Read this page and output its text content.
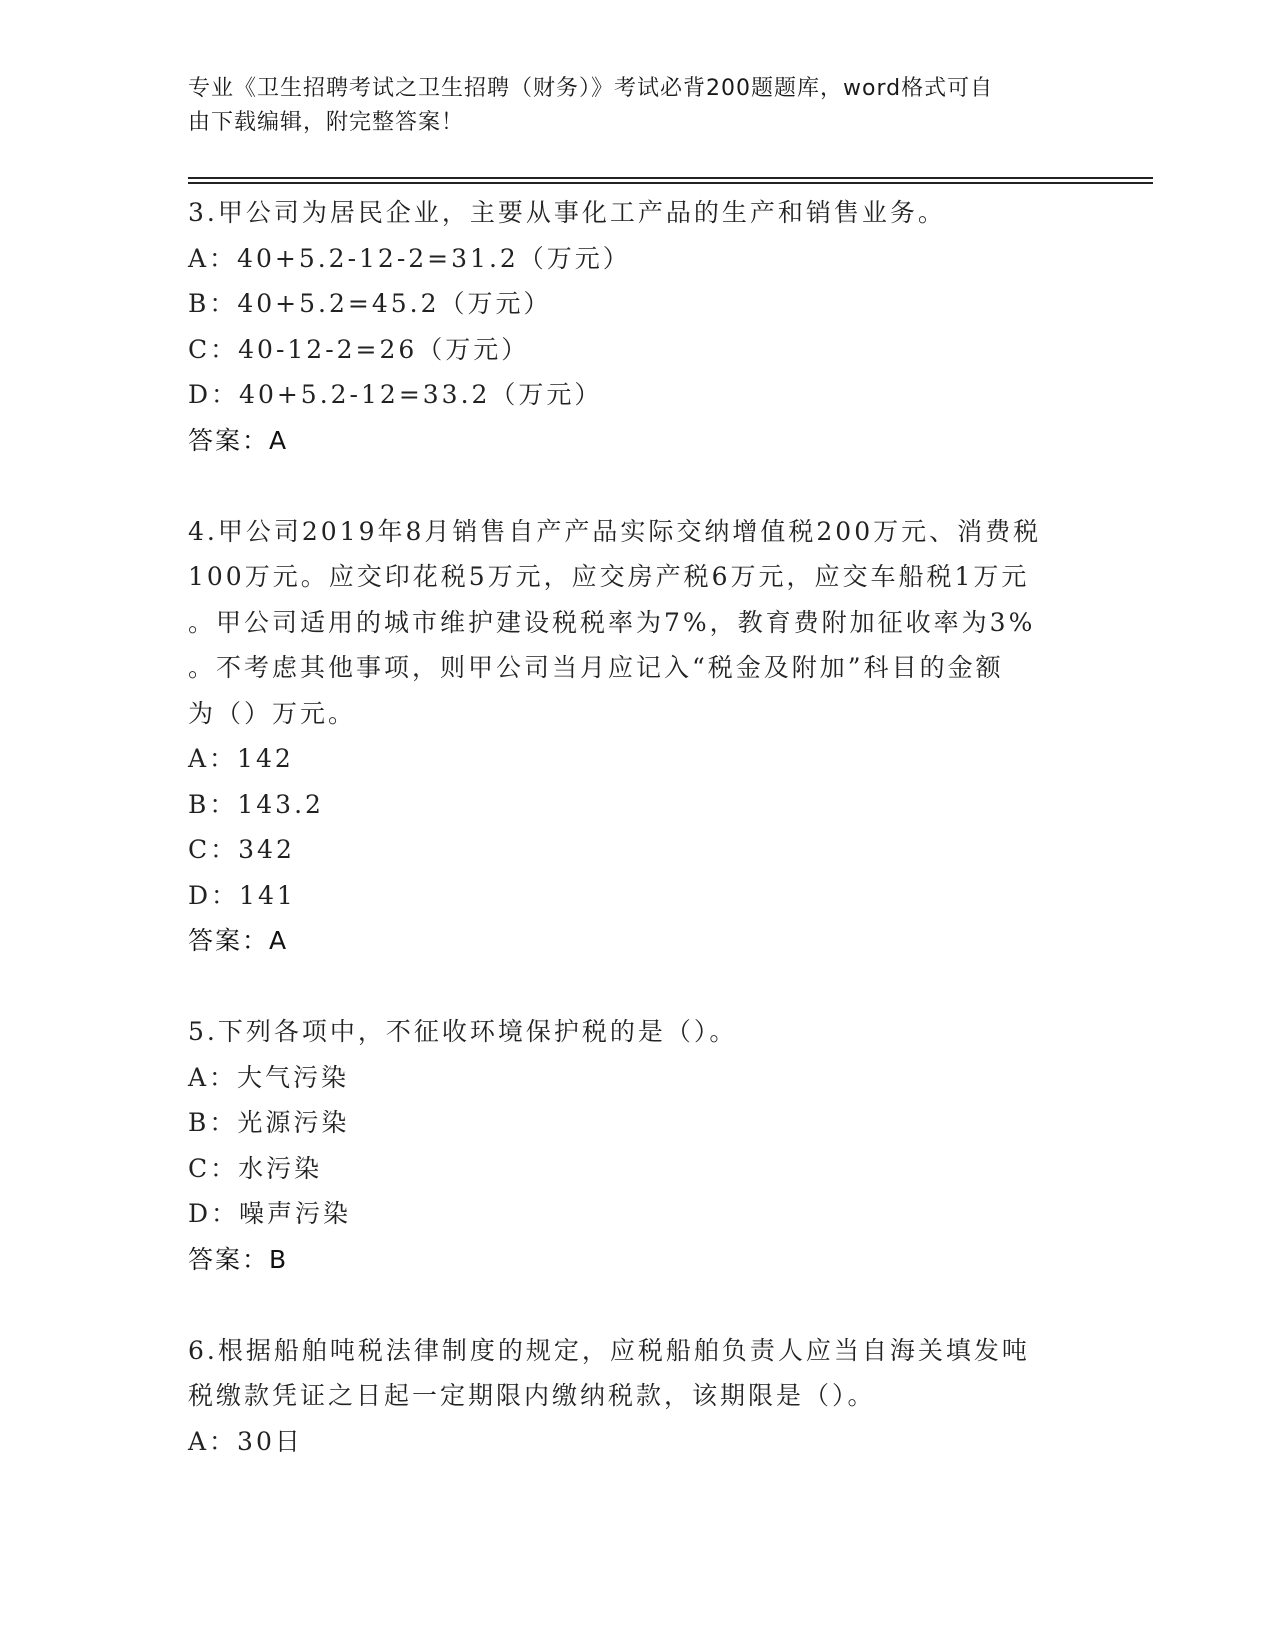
专业《卫生招聘考试之卫生招聘（财务）》考试必背200题题库，word格式可自
由下载编辑，附完整答案！
3.甲公司为居民企业，主要从事化工产品的生产和销售业务。
A：40+5.2-12-2=31.2（万元）
B：40+5.2=45.2（万元）
C：40-12-2=26（万元）
D：40+5.2-12=33.2（万元）
答案：A
4.甲公司2019年8月销售自产产品实际交纳增值税200万元、消费税
100万元。应交印花税5万元，应交房产税6万元，应交车船税1万元
。甲公司适用的城市维护建设税税率为7%，教育费附加征收率为3%
。不考虑其他事项，则甲公司当月应记入“税金及附加”科目的金额
为（）万元。
A：142
B：143.2
C：342
D：141
答案：A
5.下列各项中，不征收环境保护税的是（）。
A：大气污染
B：光源污染
C：水污染
D：噪声污染
答案：B
6.根据船舶吨税法律制度的规定，应税船舶负责人应当自海关填发吨
税缴款凭证之日起一定期限内缴纳税款，该期限是（）。
A：30日
